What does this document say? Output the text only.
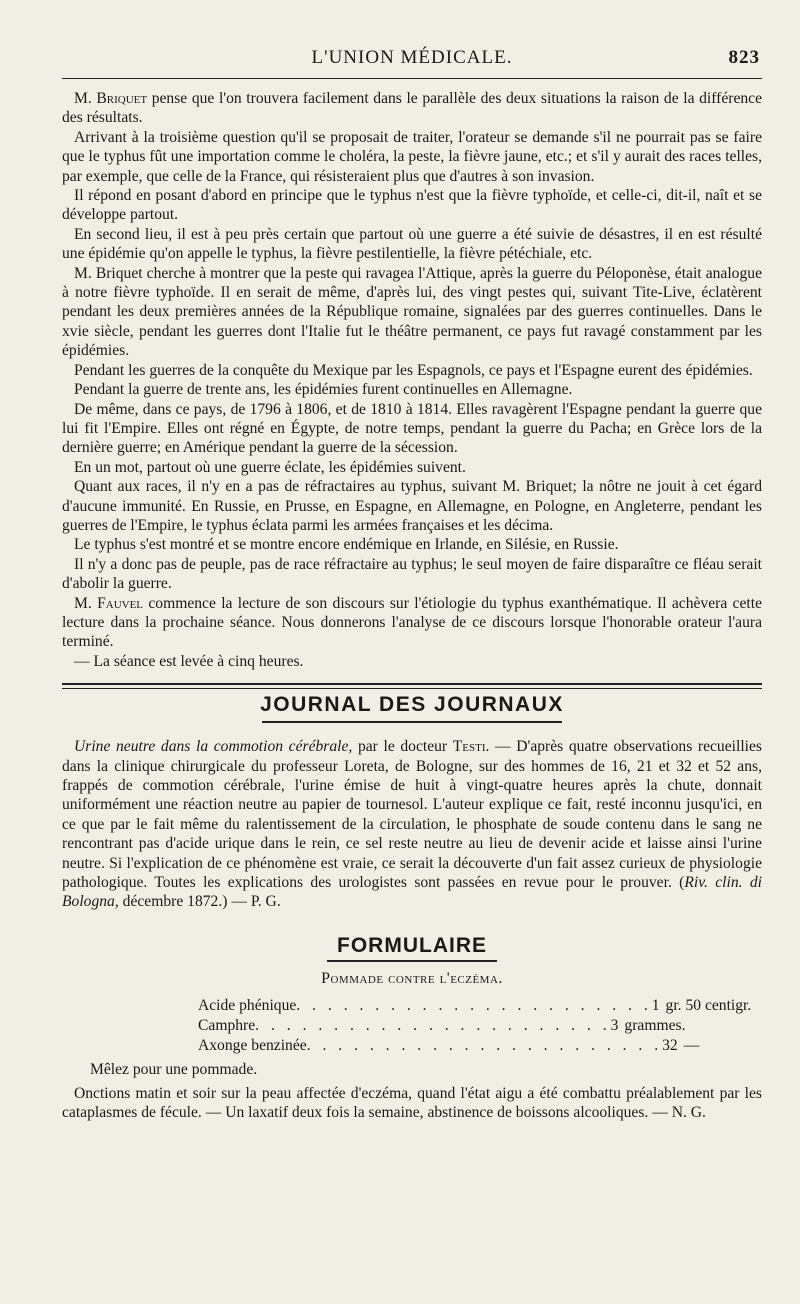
L'UNION MÉDICALE.	823

M. Briquet pense que l'on trouvera facilement dans le parallèle des deux situations la raison de la différence des résultats.

Arrivant à la troisième question qu'il se proposait de traiter, l'orateur se demande s'il ne pourrait pas se faire que le typhus fût une importation comme le choléra, la peste, la fièvre jaune, etc.; et s'il y aurait des races telles, par exemple, que celle de la France, qui résisteraient plus que d'autres à son invasion.

Il répond en posant d'abord en principe que le typhus n'est que la fièvre typhoïde, et celle-ci, dit-il, naît et se développe partout.

En second lieu, il est à peu près certain que partout où une guerre a été suivie de désastres, il en est résulté une épidémie qu'on appelle le typhus, la fièvre pestilentielle, la fièvre pétéchiale, etc.

M. Briquet cherche à montrer que la peste qui ravagea l'Attique, après la guerre du Péloponèse, était analogue à notre fièvre typhoïde. Il en serait de même, d'après lui, des vingt pestes qui, suivant Tite-Live, éclatèrent pendant les deux premières années de la République romaine, signalées par des guerres continuelles. Dans le xvie siècle, pendant les guerres dont l'Italie fut le théâtre permanent, ce pays fut ravagé constamment par les épidémies.

Pendant les guerres de la conquête du Mexique par les Espagnols, ce pays et l'Espagne eurent des épidémies.

Pendant la guerre de trente ans, les épidémies furent continuelles en Allemagne.

De même, dans ce pays, de 1796 à 1806, et de 1810 à 1814. Elles ravagèrent l'Espagne pendant la guerre que lui fit l'Empire. Elles ont régné en Égypte, de notre temps, pendant la guerre du Pacha; en Grèce lors de la dernière guerre; en Amérique pendant la guerre de la sécession.

En un mot, partout où une guerre éclate, les épidémies suivent.

Quant aux races, il n'y en a pas de réfractaires au typhus, suivant M. Briquet; la nôtre ne jouit à cet égard d'aucune immunité. En Russie, en Prusse, en Espagne, en Allemagne, en Pologne, en Angleterre, pendant les guerres de l'Empire, le typhus éclata parmi les armées françaises et les décima.

Le typhus s'est montré et se montre encore endémique en Irlande, en Silésie, en Russie.

Il n'y a donc pas de peuple, pas de race réfractaire au typhus; le seul moyen de faire disparaître ce fléau serait d'abolir la guerre.

M. Fauvel commence la lecture de son discours sur l'étiologie du typhus exanthématique. Il achèvera cette lecture dans la prochaine séance. Nous donnerons l'analyse de ce discours lorsque l'honorable orateur l'aura terminé.

— La séance est levée à cinq heures.

JOURNAL DES JOURNAUX

Urine neutre dans la commotion cérébrale, par le docteur Testi. — D'après quatre observations recueillies dans la clinique chirurgicale du professeur Loreta, de Bologne, sur des hommes de 16, 21 et 32 et 52 ans, frappés de commotion cérébrale, l'urine émise de huit à vingt-quatre heures après la chute, donnait uniformément une réaction neutre au papier de tournesol. L'auteur explique ce fait, resté inconnu jusqu'ici, en ce que par le fait même du ralentissement de la circulation, le phosphate de soude contenu dans le sang ne rencontrant pas d'acide urique dans le rein, ce sel reste neutre au lieu de devenir acide et laisse ainsi l'urine neutre. Si l'explication de ce phénomène est vraie, ce serait la découverte d'un fait assez curieux de physiologie pathologique. Toutes les explications des urologistes sont passées en revue pour le prouver. (Riv. clin. di Bologna, décembre 1872.) — P. G.

FORMULAIRE
Pommade contre l'eczéma.
Acide phénique . . . . . . . . . . . . . . . . . . . . . . . 1 gr. 50 centigr.
Camphre . . . . . . . . . . . . . . . . . . . . . . . 3 grammes.
Axonge benzinée . . . . . . . . . . . . . . . . . . . . . . . 32 —
Mêlez pour une pommade.

Onctions matin et soir sur la peau affectée d'eczéma, quand l'état aigu a été combattu préalablement par les cataplasmes de fécule. — Un laxatif deux fois la semaine, abstinence de boissons alcooliques. — N. G.
